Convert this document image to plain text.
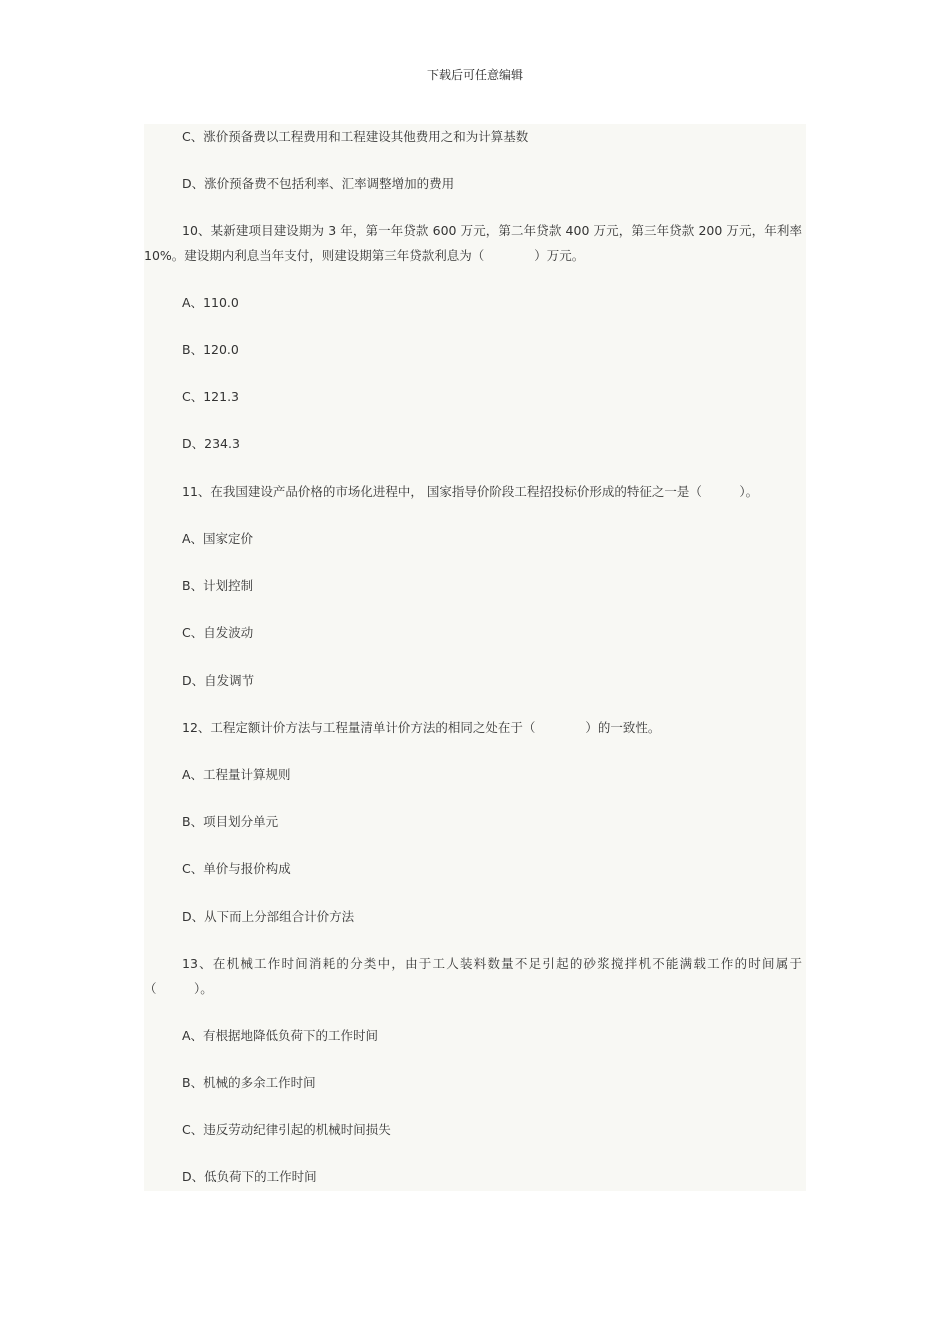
下载后可任意编辑
C、涨价预备费以工程费用和工程建设其他费用之和为计算基数
D、涨价预备费不包括利率、汇率调整增加的费用
10、某新建项目建设期为 3 年，第一年贷款 600 万元，第二年贷款 400 万元，第三年贷款 200 万元，年利率 10%。建设期内利息当年支付，则建设期第三年贷款利息为（　　　　）万元。
A、110.0
B、120.0
C、121.3
D、234.3
11、在我国建设产品价格的市场化进程中， 国家指导价阶段工程招投标价形成的特征之一是（　　　）。
A、国家定价
B、计划控制
C、自发波动
D、自发调节
12、工程定额计价方法与工程量清单计价方法的相同之处在于（　　　　）的一致性。
A、工程量计算规则
B、项目划分单元
C、单价与报价构成
D、从下而上分部组合计价方法
13、在机械工作时间消耗的分类中，由于工人装料数量不足引起的砂浆搅拌机不能满载工作的时间属于（　　　）。
A、有根据地降低负荷下的工作时间
B、机械的多余工作时间
C、违反劳动纪律引起的机械时间损失
D、低负荷下的工作时间
